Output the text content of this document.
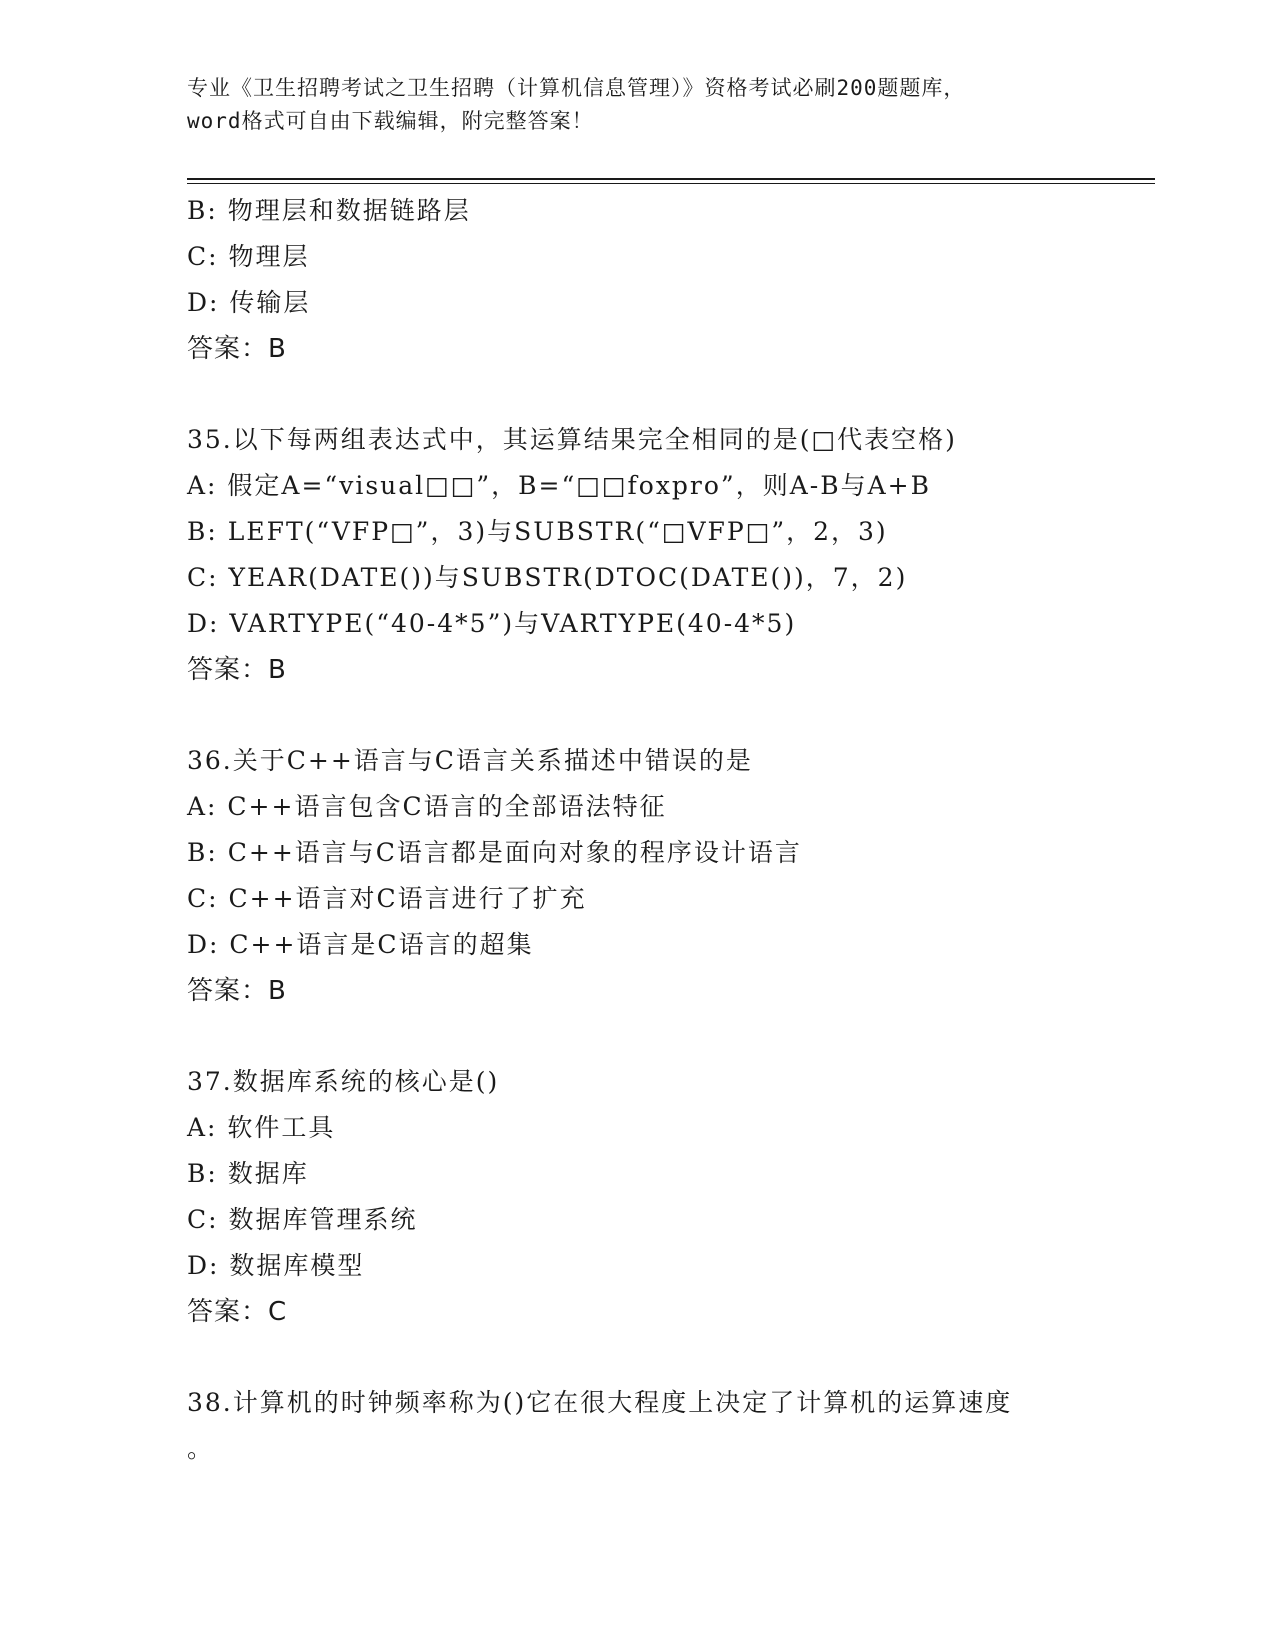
专业《卫生招聘考试之卫生招聘（计算机信息管理）》资格考试必刷200题题库，
word格式可自由下载编辑，附完整答案！
B: 物理层和数据链路层
C: 物理层
D: 传输层
答案：B
35.以下每两组表达式中，其运算结果完全相同的是(□代表空格)
A: 假定A=“visual□□”，B=“□□foxpro”，则A-B与A+B
B: LEFT(“VFP□”，3)与SUBSTR(“□VFP□”，2，3)
C: YEAR(DATE())与SUBSTR(DTOC(DATE())，7，2)
D: VARTYPE(“40-4*5”)与VARTYPE(40-4*5)
答案：B
36.关于C++语言与C语言关系描述中错误的是
A: C++语言包含C语言的全部语法特征
B: C++语言与C语言都是面向对象的程序设计语言
C: C++语言对C语言进行了扩充
D: C++语言是C语言的超集
答案：B
37.数据库系统的核心是()
A: 软件工具
B: 数据库
C: 数据库管理系统
D: 数据库模型
答案：C
38.计算机的时钟频率称为()它在很大程度上决定了计算机的运算速度
。
